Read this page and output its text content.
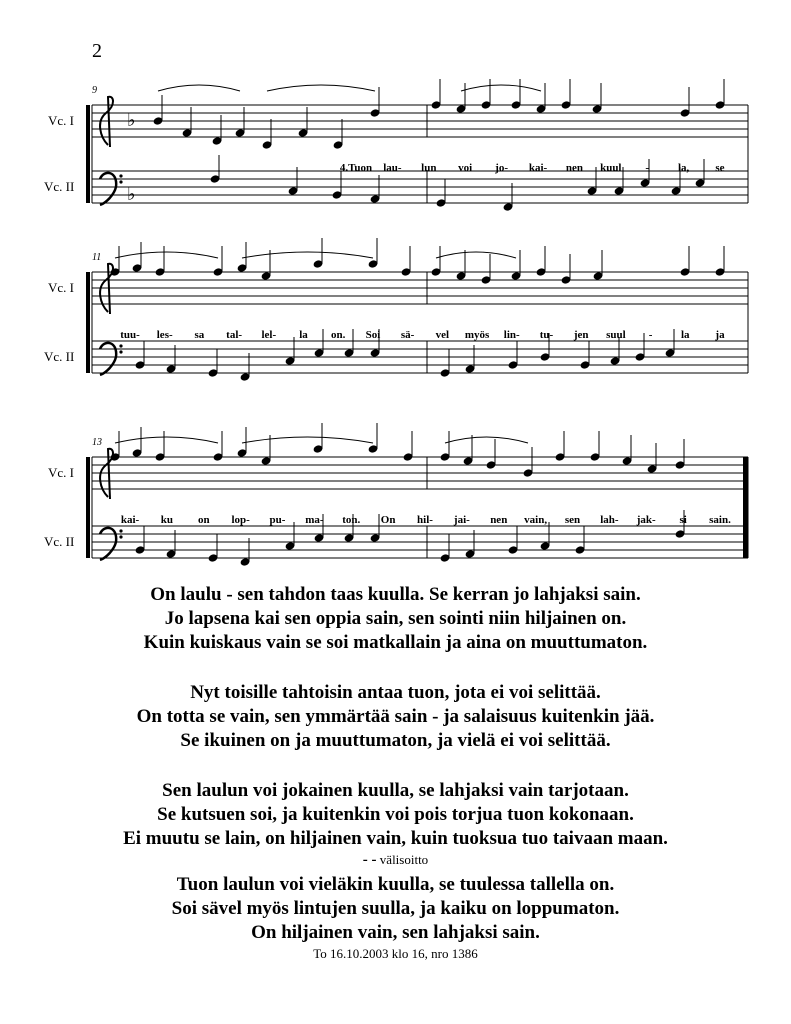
2
♭
♭
Vc. I
Vc. II
9
4.Tuon lau- lun voi jo- kai- nen kuul -	la, se
Vc. I
Vc. II
11
tuu- les- sa tal- lel- la on. Soi sä- vel myös lin- tu- jen suul -	la ja
Vc. I
Vc. II
13
kai- ku on lop- pu- ma- ton. On hil- jai- nen vain, sen lah- jak- si sain.

On laulu - sen tahdon taas kuulla. Se kerran jo lahjaksi sain.

Jo lapsena kai sen oppia sain, sen sointi niin hiljainen on.

Kuin kuiskaus vain se soi matkallain ja aina on muuttumaton.

Nyt toisille tahtoisin antaa tuon, jota ei voi selittää.

On totta se vain, sen ymmärtää sain - ja salaisuus kuitenkin jää.

Se ikuinen on ja muuttumaton, ja vielä ei voi selittää.

Sen laulun voi jokainen kuulla, se lahjaksi vain tarjotaan.

Se kutsuen soi, ja kuitenkin voi pois torjua tuon kokonaan.

Ei muutu se lain, on hiljainen vain, kuin tuoksua tuo taivaan maan.

- - välisoitto

Tuon laulun voi vieläkin kuulla, se tuulessa tallella on.

Soi sävel myös lintujen suulla, ja kaiku on loppumaton.

On hiljainen vain, sen lahjaksi sain.

To 16.10.2003 klo 16, nro 1386
